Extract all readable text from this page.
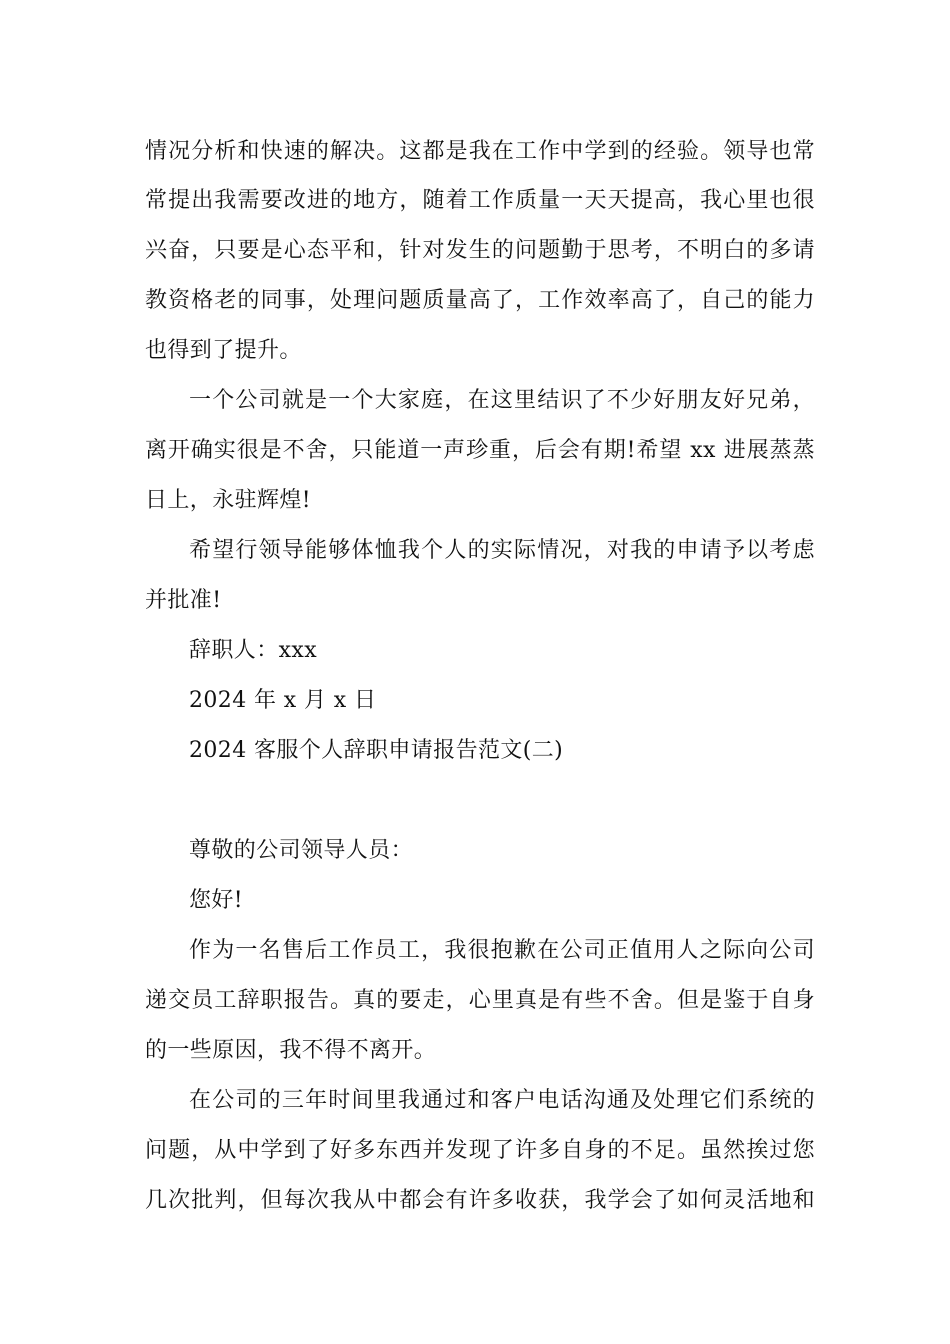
情况分析和快速的解决。这都是我在工作中学到的经验。领导也常
常提出我需要改进的地方，随着工作质量一天天提高，我心里也很
兴奋，只要是心态平和，针对发生的问题勤于思考，不明白的多请
教资格老的同事，处理问题质量高了，工作效率高了，自己的能力
也得到了提升。
一个公司就是一个大家庭，在这里结识了不少好朋友好兄弟，
离开确实很是不舍，只能道一声珍重，后会有期!希望 xx 进展蒸蒸
日上，永驻辉煌!
希望行领导能够体恤我个人的实际情况，对我的申请予以考虑
并批准!
辞职人：xxx
2024 年 x 月 x 日
2024 客服个人辞职申请报告范文(二)
尊敬的公司领导人员：
您好!
作为一名售后工作员工，我很抱歉在公司正值用人之际向公司
递交员工辞职报告。真的要走，心里真是有些不舍。但是鉴于自身
的一些原因，我不得不离开。
在公司的三年时间里我通过和客户电话沟通及处理它们系统的
问题，从中学到了好多东西并发现了许多自身的不足。虽然挨过您
几次批判，但每次我从中都会有许多收获，我学会了如何灵活地和
